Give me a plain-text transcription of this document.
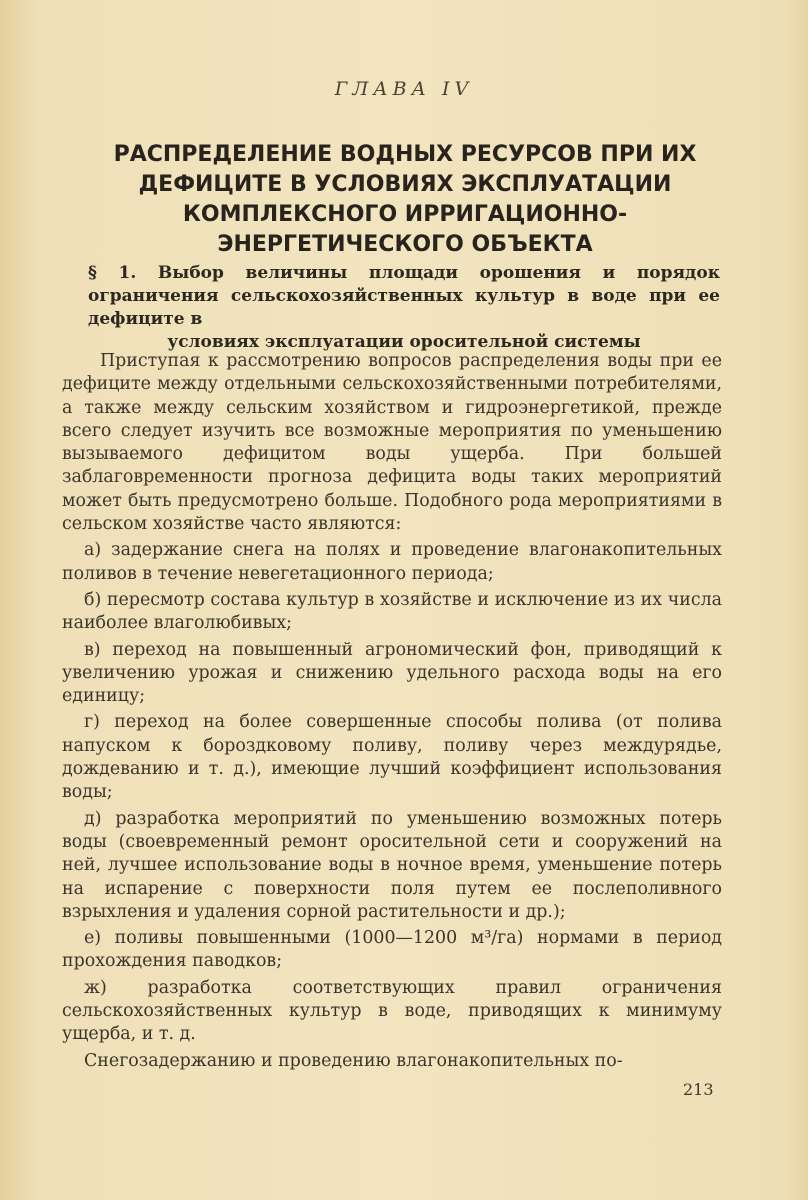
ГЛАВА IV
РАСПРЕДЕЛЕНИЕ ВОДНЫХ РЕСУРСОВ ПРИ ИХ
ДЕФИЦИТЕ В УСЛОВИЯХ ЭКСПЛУАТАЦИИ
КОМПЛЕКСНОГО ИРРИГАЦИОННО-
ЭНЕРГЕТИЧЕСКОГО ОБЪЕКТА
§ 1. Выбор величины площади орошения и порядок ограничения сельскохозяйственных культур в воде при ее дефиците в
условиях эксплуатации оросительной системы

Приступая к рассмотрению вопросов распределения воды при ее дефиците между отдельными сельскохозяйственными потребителями, а также между сельским хозяйством и гидроэнергетикой, прежде всего следует изучить все возможные мероприятия по уменьшению вызываемого дефицитом воды ущерба. При большей заблаговременности прогноза дефицита воды таких мероприятий может быть предусмотрено больше. Подобного рода мероприятиями в сельском хозяйстве часто являются:

а) задержание снега на полях и проведение влагонакопительных поливов в течение невегетационного периода;

б) пересмотр состава культур в хозяйстве и исключение из их числа наиболее влаголюбивых;

в) переход на повышенный агрономический фон, приводящий к увеличению урожая и снижению удельного расхода воды на его единицу;

г) переход на более совершенные способы полива (от полива напуском к бороздковому поливу, поливу через междурядье, дождеванию и т. д.), имеющие лучший коэффициент использования воды;

д) разработка мероприятий по уменьшению возможных потерь воды (своевременный ремонт оросительной сети и сооружений на ней, лучшее использование воды в ночное время, уменьшение потерь на испарение с поверхности поля путем ее послеполивного взрыхления и удаления сорной растительности и др.);

е) поливы повышенными (1000—1200 м³/га) нормами в период прохождения паводков;

ж) разработка соответствующих правил ограничения сельскохозяйственных культур в воде, приводящих к минимуму ущерба, и т. д.

Снегозадержанию и проведению влагонакопительных по-

213
